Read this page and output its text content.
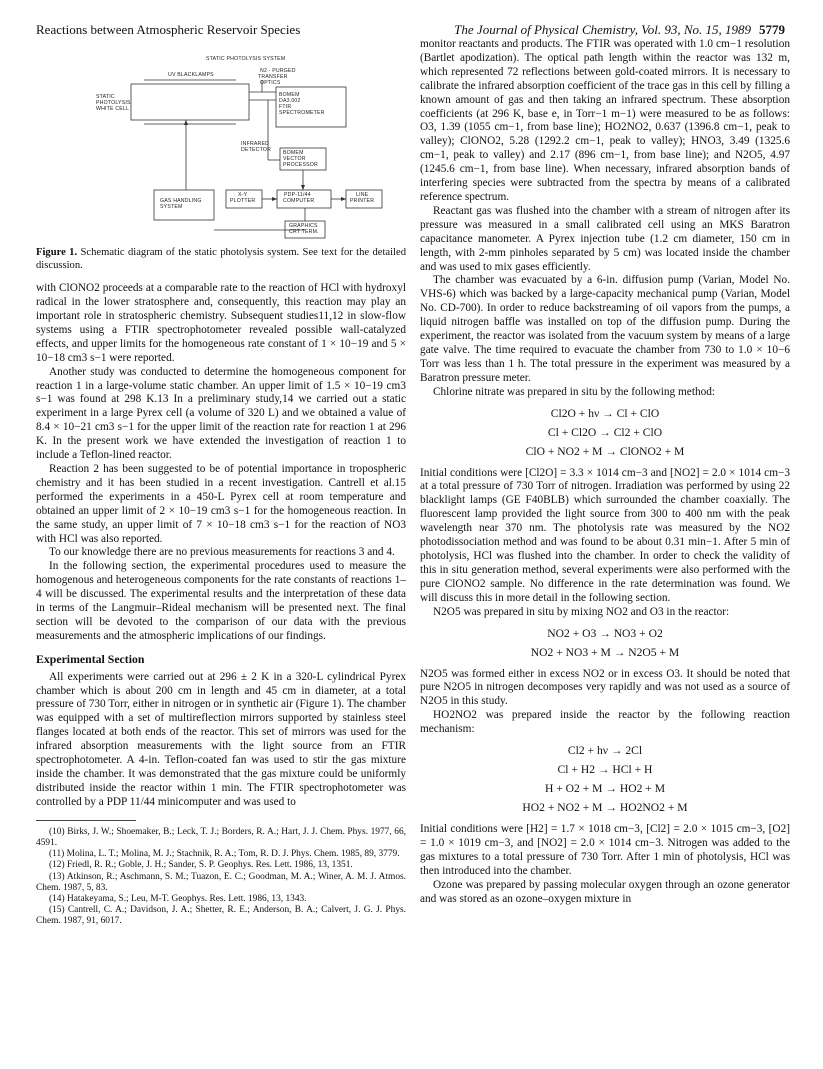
Reactions between Atmospheric Reservoir Species	The Journal of Physical Chemistry, Vol. 93, No. 15, 1989 5779
STATIC PHOTOLYSIS SYSTEM
N2 - PURGED
TRANSFER
OPTICS
UV BLACKLAMPS
STATIC
PHOTOLYSIS
WHITE CELL
BOMEM
DA3.002
FTIR
SPECTROMETER
INFRARED
DETECTOR BOMEM
VECTOR
PROCESSOR
X-Y
PLOTTER
PDP-11/44
COMPUTER
LINE
PRINTER
GAS HANDLING
SYSTEM
GRAPHICS
CRT TERM.
Figure 1. Schematic diagram of the static photolysis system. See text for the detailed discussion.

with ClONO2 proceeds at a comparable rate to the reaction of HCl with hydroxyl radical in the lower stratosphere and, consequently, this reaction may play an important role in stratospheric chemistry. Subsequent studies11,12 in slow-flow systems using a FTIR spectrophotometer revealed possible wall-catalyzed effects, and upper limits for the homogeneous rate constant of 1 × 10−19 and 5 × 10−18 cm3 s−1 were reported.

Another study was conducted to determine the homogeneous component for reaction 1 in a large-volume static chamber. An upper limit of 1.5 × 10−19 cm3 s−1 was found at 298 K.13 In a preliminary study,14 we carried out a static experiment in a large Pyrex cell (a volume of 320 L) and we obtained a value of 8.4 × 10−21 cm3 s−1 for the upper limit of the reaction rate for reaction 1 at 296 K. In the present work we have extended the investigation of reaction 1 to include a Teflon-lined reactor.

Reaction 2 has been suggested to be of potential importance in tropospheric chemistry and it has been studied in a recent investigation. Cantrell et al.15 performed the experiments in a 450-L Pyrex cell at room temperature and obtained an upper limit of 2 × 10−19 cm3 s−1 for the homogeneous reaction. In the same study, an upper limit of 7 × 10−18 cm3 s−1 for the reaction of NO3 with HCl was also reported.

To our knowledge there are no previous measurements for reactions 3 and 4.

In the following section, the experimental procedures used to measure the homogenous and heterogeneous components for the rate constants of reactions 1–4 will be discussed. The experimental results and the interpretation of these data in terms of the Langmuir–Rideal mechanism will be presented next. The final section will be devoted to the comparison of our data with the previous measurements and the atmospheric implications of our findings.

Experimental Section

All experiments were carried out at 296 ± 2 K in a 320-L cylindrical Pyrex chamber which is about 200 cm in length and 45 cm in diameter, at a total pressure of 730 Torr, either in nitrogen or in synthetic air (Figure 1). The chamber was equipped with a set of multireflection mirrors supported by stainless steel flanges located at both ends of the reactor. This set of mirrors was used for the infrared absorption measurements with the light source from an FTIR spectrophotometer. A 4-in. Teflon-coated fan was used to stir the gas mixture inside the chamber. It was demonstrated that the gas mixture could be uniformly distributed inside the reactor within 1 min. The FTIR spectrophotometer was controlled by a PDP 11/44 minicomputer and was used to

(10) Birks, J. W.; Shoemaker, B.; Leck, T. J.; Borders, R. A.; Hart, J. J. Chem. Phys. 1977, 66, 4591.

(11) Molina, L. T.; Molina, M. J.; Stachnik, R. A.; Tom, R. D. J. Phys. Chem. 1985, 89, 3779.

(12) Friedl, R. R.; Goble, J. H.; Sander, S. P. Geophys. Res. Lett. 1986, 13, 1351.

(13) Atkinson, R.; Aschmann, S. M.; Tuazon, E. C.; Goodman, M. A.; Winer, A. M. J. Atmos. Chem. 1987, 5, 83.

(14) Hatakeyama, S.; Leu, M-T. Geophys. Res. Lett. 1986, 13, 1343.

(15) Cantrell, C. A.; Davidson, J. A.; Shetter, R. E.; Anderson, B. A.; Calvert, J. G. J. Phys. Chem. 1987, 91, 6017.

monitor reactants and products. The FTIR was operated with 1.0 cm−1 resolution (Bartlet apodization). The optical path length within the reactor was 132 m, which represented 72 reflections between gold-coated mirrors. It is necessary to calibrate the infrared absorption coefficient of the trace gas in this cell by filling a known amount of gas and then taking an infrared spectrum. These absorption coefficients (at 296 K, base e, in Torr−1 m−1) were measured to be as follows: O3, 1.39 (1055 cm−1, from base line); HO2NO2, 0.637 (1396.8 cm−1, peak to valley); ClONO2, 5.28 (1292.2 cm−1, peak to valley); HNO3, 3.49 (1325.6 cm−1, peak to valley) and 2.17 (896 cm−1, from base line); and N2O5, 4.97 (1245.6 cm−1, from base line). When necessary, infrared absorption bands of interfering species were subtracted from the spectra by means of a calibrated reference spectrum.

Reactant gas was flushed into the chamber with a stream of nitrogen after its pressure was measured in a small calibrated cell using an MKS Baratron capacitance manometer. A Pyrex injection tube (1.2 cm diameter, 150 cm in length, with 2-mm pinholes separated by 5 cm) was located inside the chamber and was used to mix gases efficiently.

The chamber was evacuated by a 6-in. diffusion pump (Varian, Model No. VHS-6) which was backed by a large-capacity mechanical pump (Varian, Model No. CD-700). In order to reduce backstreaming of oil vapors from the pumps, a liquid nitrogen baffle was installed on top of the diffusion pump. During the experiment, the reactor was isolated from the vacuum system by means of a large gate valve. The time required to evacuate the chamber from 730 to 1.0 × 10−6 Torr was less than 1 h. The total pressure in the experiment was measured by a Baratron pressure meter.

Chlorine nitrate was prepared in situ by the following method:

Cl2O + hν → Cl + ClO
Cl + Cl2O → Cl2 + ClO
ClO + NO2 + M → ClONO2 + M

Initial conditions were [Cl2O] = 3.3 × 1014 cm−3 and [NO2] = 2.0 × 1014 cm−3 at a total pressure of 730 Torr of nitrogen. Irradiation was performed by using 22 blacklight lamps (GE F40BLB) which surrounded the chamber coaxially. The fluorescent lamp provided the light source from 300 to 400 nm with the peak wavelength near 370 nm. The photolysis rate was measured by the NO2 photodissociation method and was found to be about 0.31 min−1. After 5 min of photolysis, HCl was flushed into the chamber. In order to check the validity of this in situ generation method, several experiments were also performed with the pure ClONO2 sample. No difference in the rate determination was found. We will discuss this in more detail in the following section.

N2O5 was prepared in situ by mixing NO2 and O3 in the reactor:

NO2 + O3 → NO3 + O2
NO2 + NO3 + M → N2O5 + M

N2O5 was formed either in excess NO2 or in excess O3. It should be noted that pure N2O5 in nitrogen decomposes very rapidly and was not used as a source of N2O5 in this study.

HO2NO2 was prepared inside the reactor by the following reaction mechanism:

Cl2 + hν → 2Cl
Cl + H2 → HCl + H
H + O2 + M → HO2 + M
HO2 + NO2 + M → HO2NO2 + M

Initial conditions were [H2] = 1.7 × 1018 cm−3, [Cl2] = 2.0 × 1015 cm−3, [O2] = 1.0 × 1019 cm−3, and [NO2] = 2.0 × 1014 cm−3. Nitrogen was added to the gas mixtures to a total pressure of 730 Torr. After 1 min of photolysis, HCl was then introduced into the chamber.

Ozone was prepared by passing molecular oxygen through an ozone generator and was stored as an ozone–oxygen mixture in
